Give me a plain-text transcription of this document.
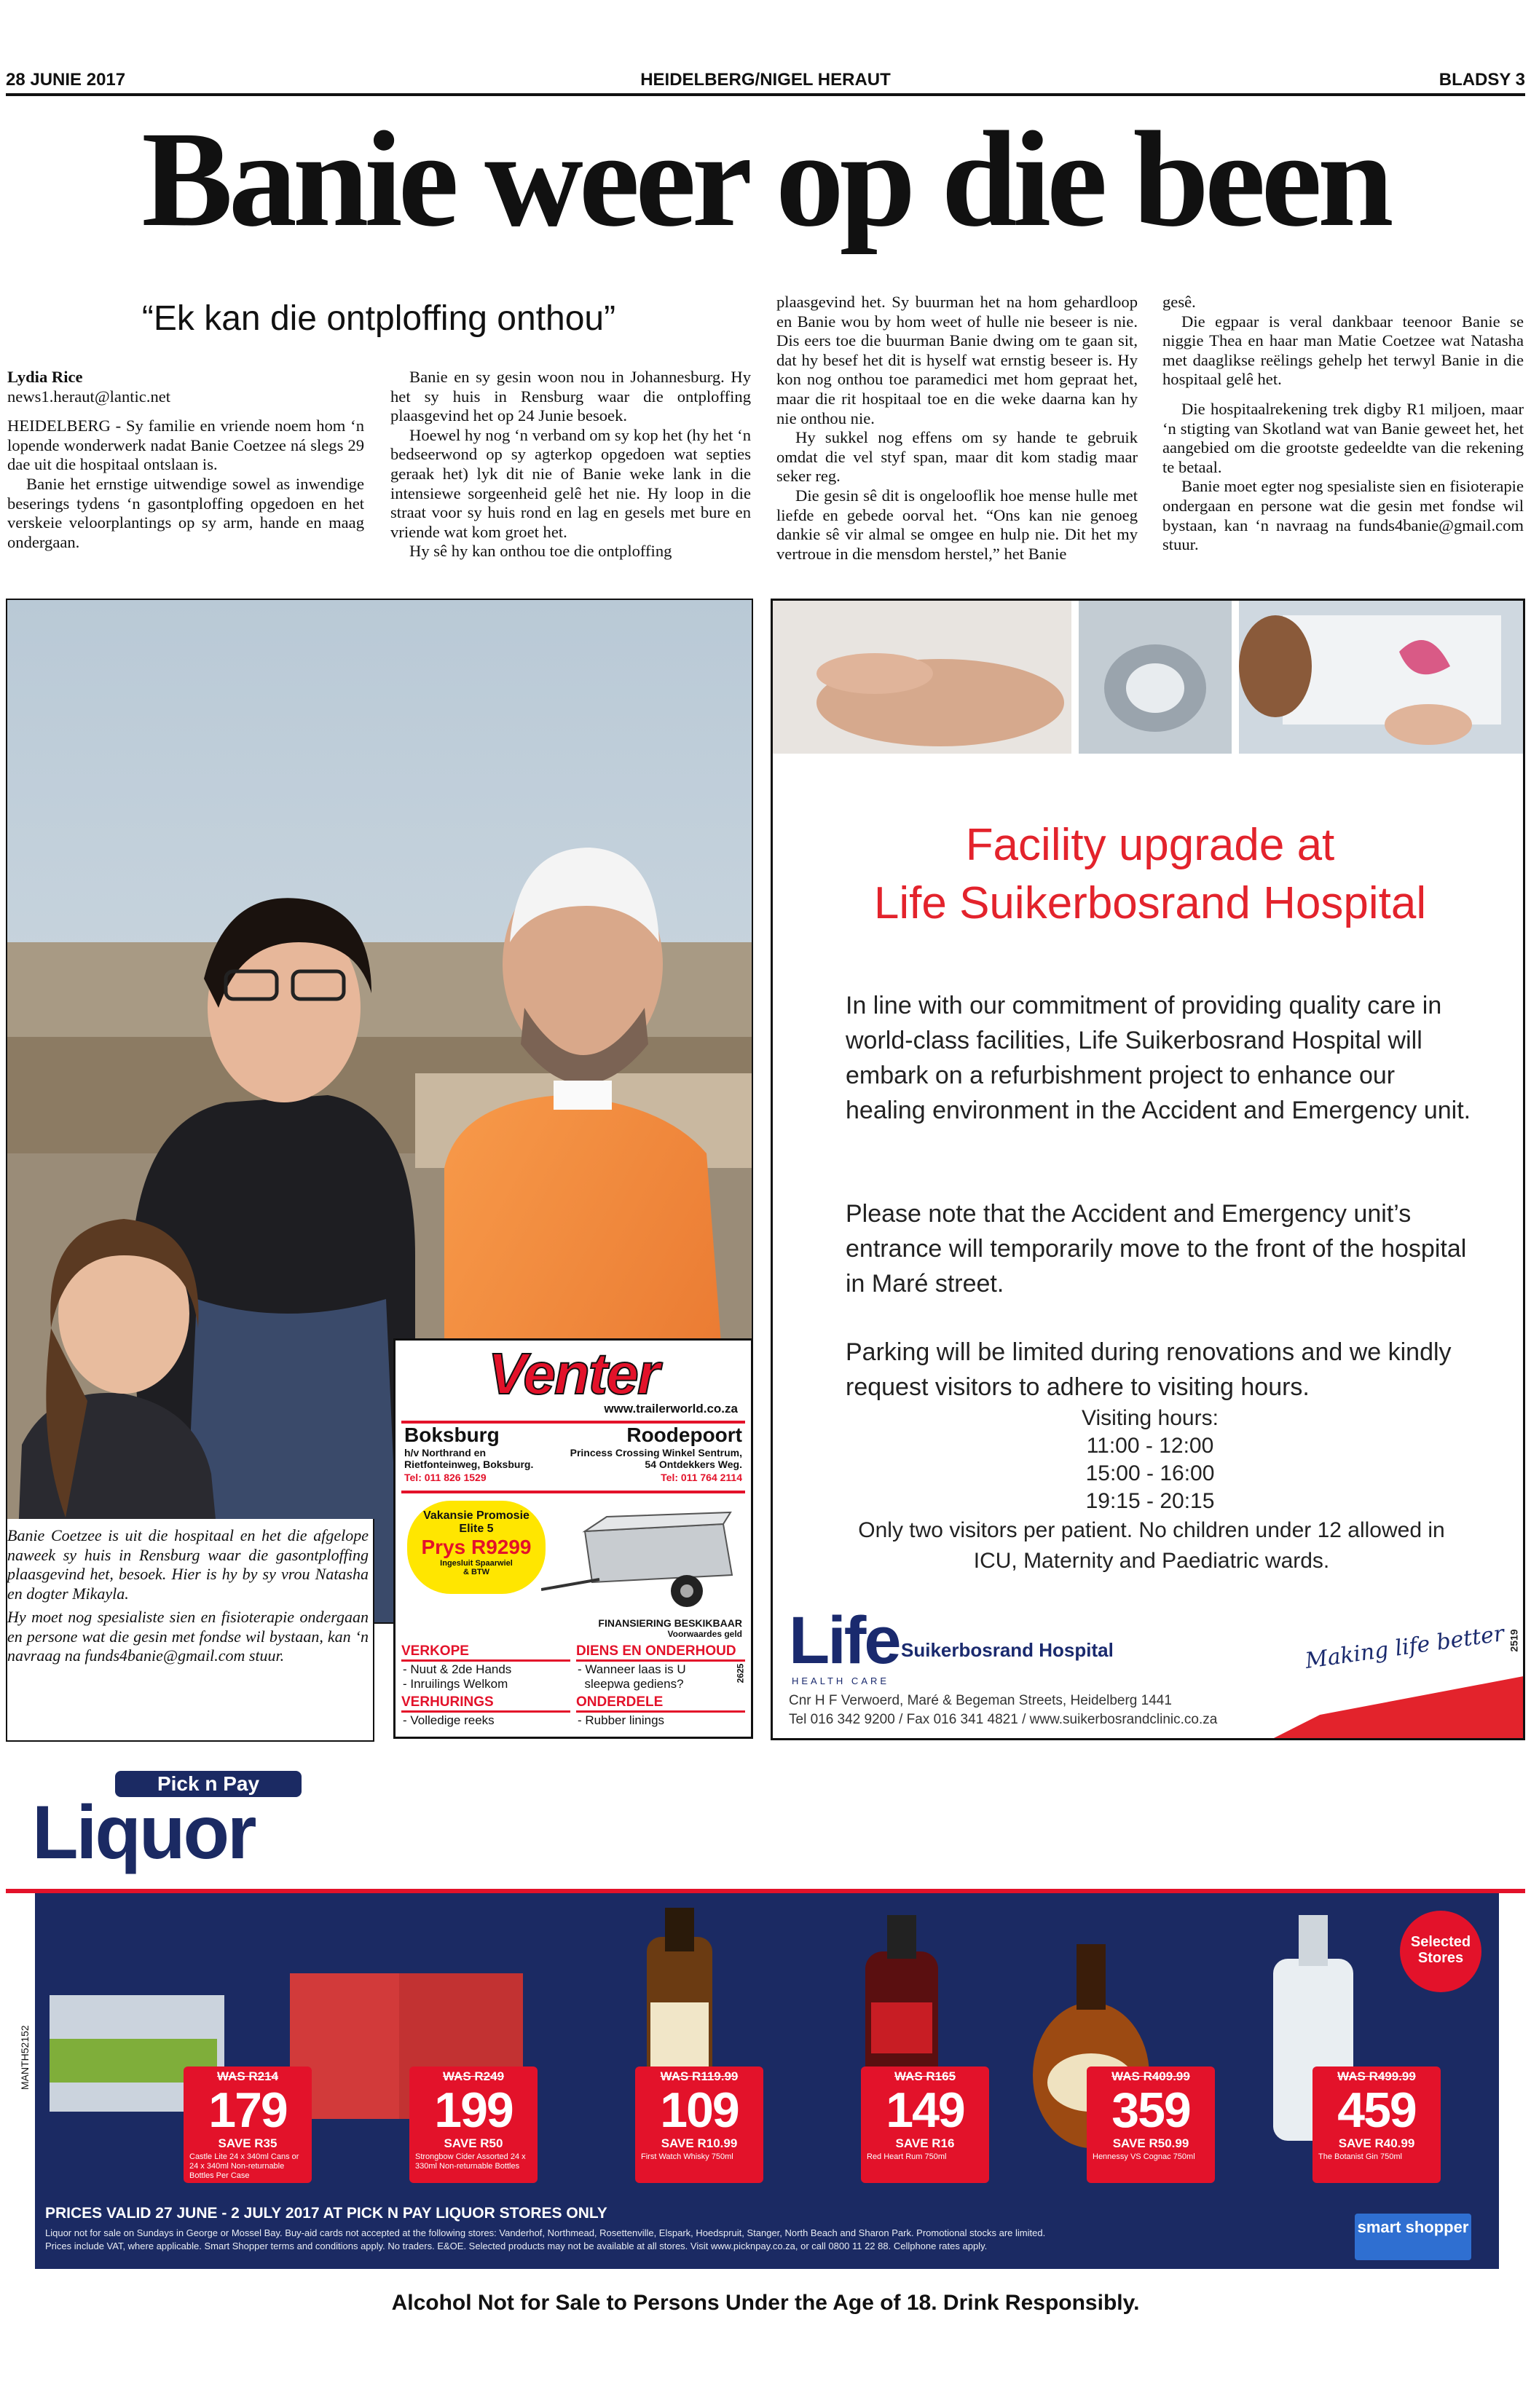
28 JUNIE 2017	HEIDELBERG/NIGEL HERAUT	BLADSY 3
Banie weer op die been
“Ek kan die ontploffing onthou”

Lydia Rice

news1.heraut@lantic.net

HEIDELBERG - Sy familie en vriende noem hom ‘n lopende wonderwerk nadat Banie Coetzee ná slegs 29 dae uit die hospitaal ontslaan is.

Banie het ernstige uitwendige sowel as inwendige beserings tydens ‘n gasontploffing opgedoen en het verskeie veloorplantings op sy arm, hande en maag ondergaan.

Banie en sy gesin woon nou in Johannesburg. Hy het sy huis in Rensburg waar die ontploffing plaasgevind het op 24 Junie besoek.

Hoewel hy nog ‘n verband om sy kop het (hy het ‘n bedseerwond op sy agterkop opgedoen wat septies geraak het) lyk dit nie of Banie weke lank in die intensiewe sorgeenheid gelê het nie. Hy loop in die straat voor sy huis rond en lag en gesels met bure en vriende wat kom groet het.

Hy sê hy kan onthou toe die ontploffing

plaasgevind het. Sy buurman het na hom gehardloop en Banie wou by hom weet of hulle nie beseer is nie. Dis eers toe die buurman Banie dwing om te gaan sit, dat hy besef het dit is hyself wat ernstig beseer is. Hy kon nog onthou toe paramedici met hom gepraat het, maar die rit hospitaal toe en die weke daarna kan hy nie onthou nie.

Hy sukkel nog effens om sy hande te gebruik omdat die vel styf span, maar dit kom stadig maar seker reg.

Die gesin sê dit is ongelooflik hoe mense hulle met liefde en gebede oorval het. “Ons kan nie genoeg dankie sê vir almal se omgee en hulp nie. Dit het my vertroue in die mensdom herstel,” het Banie

gesê.

Die egpaar is veral dankbaar teenoor Banie se niggie Thea en haar man Matie Coetzee wat Natasha met daaglikse reëlings gehelp het terwyl Banie in die hospitaal gelê het.

Die hospitaalrekening trek digby R1 miljoen, maar ‘n stigting van Skotland wat van Banie geweet het, het aangebied om die grootste gedeeldte van die rekening te betaal.

Banie moet egter nog spesialiste sien en fisioterapie ondergaan en persone wat die gesin met fondse wil bystaan, kan ‘n navraag na funds4banie@gmail.com stuur.

Banie Coetzee is uit die hospitaal en het die afgelope naweek sy huis in Rensburg waar die gasontploffing plaasgevind het, besoek. Hier is hy by sy vrou Natasha en dogter Mikayla.

Hy moet nog spesialiste sien en fisioterapie ondergaan en persone wat die gesin met fondse wil bystaan, kan ‘n navraag na funds4banie@gmail.com stuur.

Facility upgrade at
Life Suikerbosrand Hospital
In line with our commitment of providing quality care in world-class facilities, Life Suikerbosrand Hospital will embark on a refurbishment project to enhance our healing environment in the Accident and Emergency unit.
Please note that the Accident and Emergency unit’s entrance will temporarily move to the front of the hospital in Maré street.
Parking will be limited during renovations and we kindly request visitors to adhere to visiting hours.
Visiting hours:
11:00 - 12:00
15:00 - 16:00
19:15 - 20:15
Only two visitors per patient. No children under 12 allowed in ICU, Maternity and Paediatric wards.
Life
HEALTH CARE
Suikerbosrand Hospital
Cnr H F Verwoerd, Maré & Begeman Streets, Heidelberg 1441
Tel 016 342 9200 / Fax 016 341 4821 / www.suikerbosrandclinic.co.za
Making life better 2519
Venter
www.trailerworld.co.za
Boksburg
h/v Northrand en Rietfonteinweg, Boksburg.
Tel: 011 826 1529
Roodepoort
Princess Crossing Winkel Sentrum, 54 Ontdekkers Weg.
Tel: 011 764 2114
Vakansie Promosie
Elite 5
Prys R9299
Ingesluit Spaarwiel & BTW
FINANSIERING BESKIKBAAR
Voorwaardes geld
VERKOPE
- Nuut & 2de Hands
- Inruilings Welkom
DIENS EN ONDERHOUD
- Wanneer laas is U
sleepwa gediens?
VERHURINGS
- Volledige reeks
ONDERDELE
- Rubber linings
2625
Pick n Pay
Liquor
MANTH52152
Selected Stores
PRICES VALID 27 JUNE - 2 JULY 2017 AT PICK N PAY LIQUOR STORES ONLY
Liquor not for sale on Sundays in George or Mossel Bay. Buy-aid cards not accepted at the following stores: Vanderhof, Northmead, Rosettenville, Elspark, Hoedspruit, Stanger, North Beach and Sharon Park. Promotional stocks are limited.
Prices include VAT, where applicable. Smart Shopper terms and conditions apply. No traders. E&OE. Selected products may not be available at all stores. Visit www.picknpay.co.za, or call 0800 11 22 88. Cellphone rates apply.
smart shopper
Alcohol Not for Sale to Persons Under the Age of 18. Drink Responsibly.
WAS R214
179
SAVE R35
Castle Lite 24 x 340ml Cans or 24 x 340ml Non-returnable Bottles Per Case
WAS R249
199
SAVE R50
Strongbow Cider Assorted 24 x 330ml Non-returnable Bottles
WAS R119.99
109
SAVE R10.99
First Watch Whisky 750ml
WAS R165
149
SAVE R16
Red Heart Rum 750ml
WAS R409.99
359
SAVE R50.99
Hennessy VS Cognac 750ml
WAS R499.99
459
SAVE R40.99
The Botanist Gin 750ml
